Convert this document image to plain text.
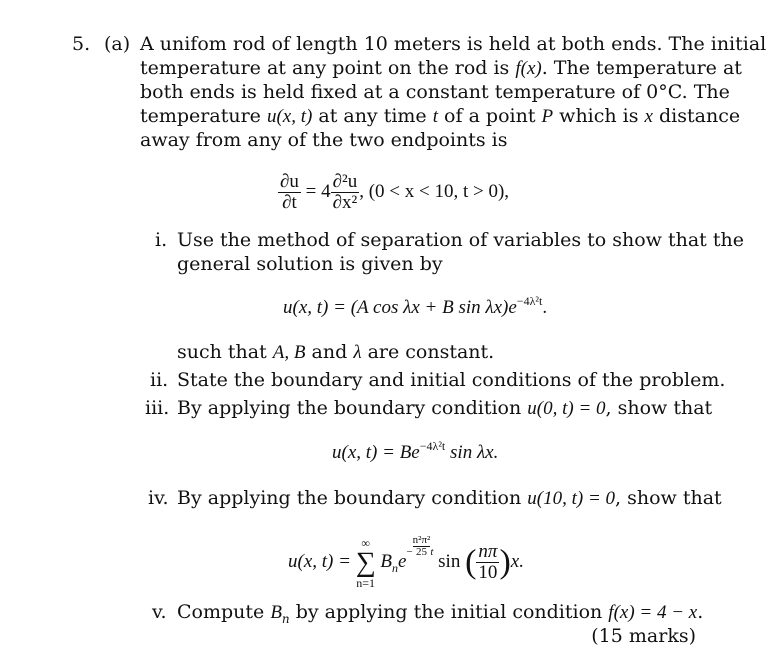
5. (a) A unifom rod of length 10 meters is held at both ends. The initial
temperature at any point on the rod is f(x). The temperature at
both ends is held fixed at a constant temperature of 0°C. The
temperature u(x, t) at any time t of a point P which is x distance
away from any of the two endpoints is
$\frac{\partial u}{\partial t} = 4 \frac{\text{∂²u}}{\text{∂x²}}$ , (0 < x < 10, t > 0),
i. Use the method of separation of variables to show that the
general solution is given by
u(x, t) = (A cos λx + B $\sin \lambda x)e^{-4\lambda^2t}$.
such that A, B and λ are constant.
ii. State the boundary and initial conditions of the problem.
iii. By applying the boundary condition u(0, t) = 0, show that
u(x, $t) = Be^{-4\lambda^2t}$ sin λx.
iv. By applying the boundary condition u(10, t) = 0, show that
u(x, t) =
∞
∑
n=1
$B_ne^- \frac{\text{n²π²}}{25} ^t$ sin ( $\frac{n\pi}{10} )x$.
v. Compute $B_n$ by applying the initial condition f(x) = 4 − x.
(15 marks)
